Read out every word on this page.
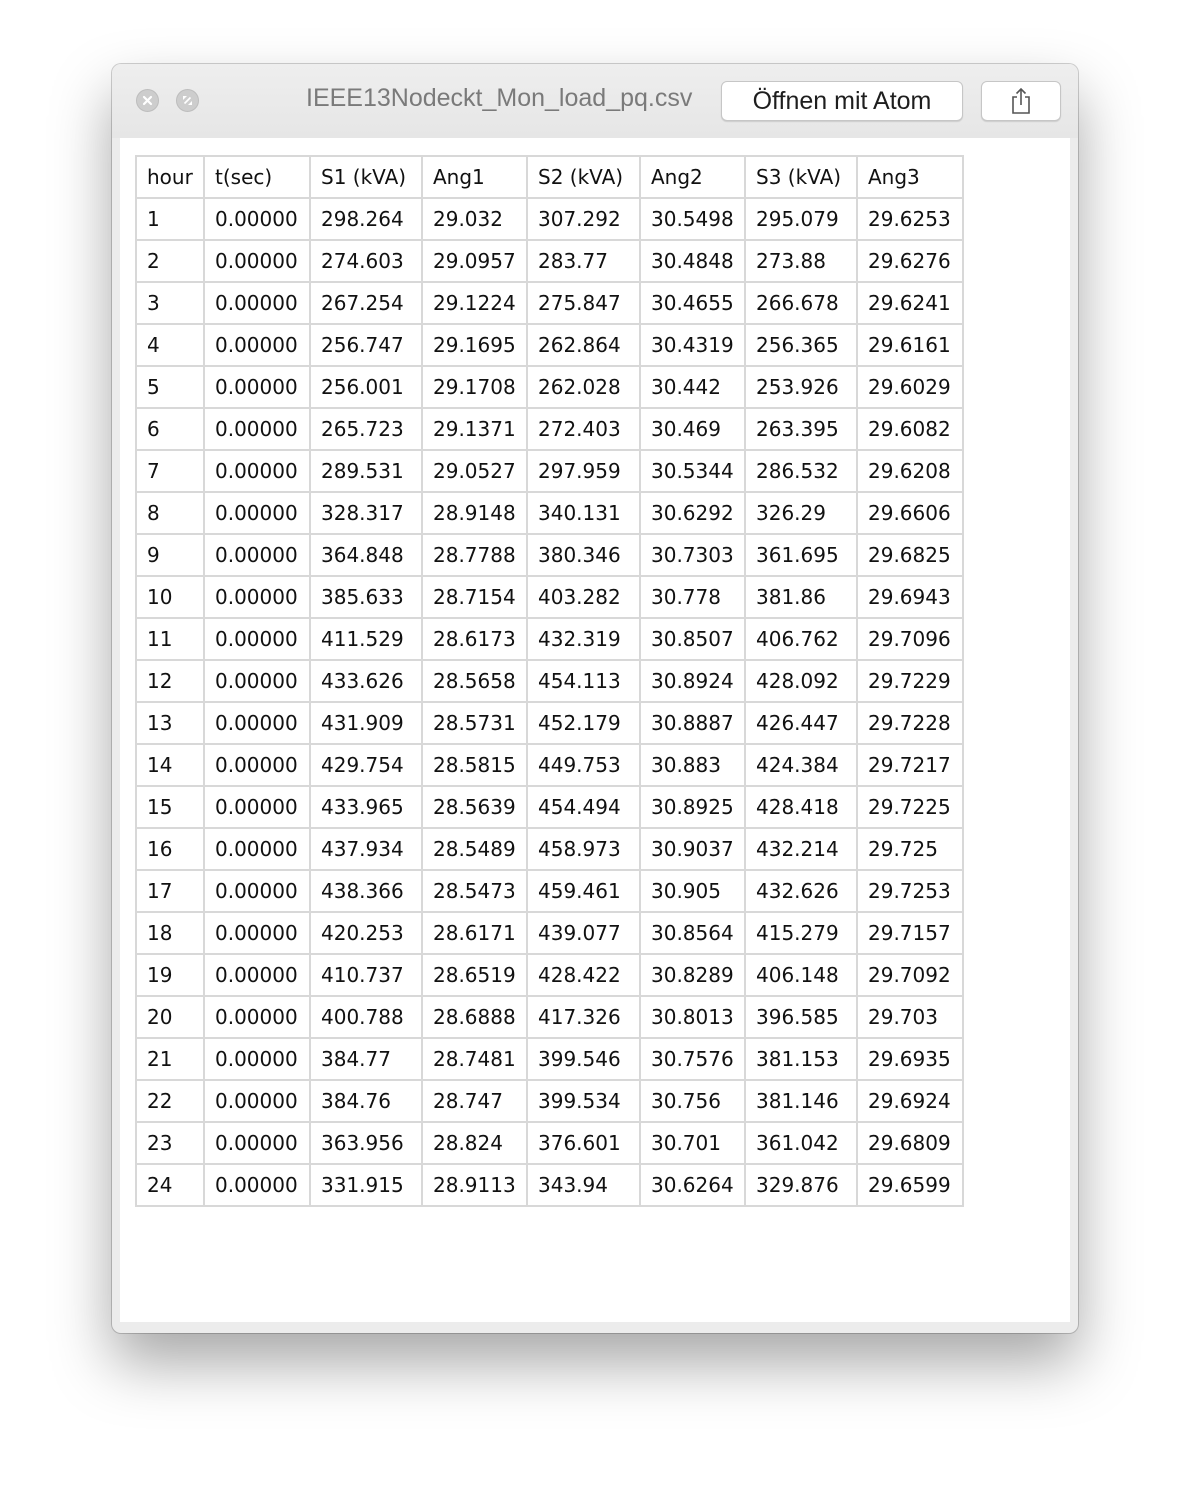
IEEE13Nodeckt_Mon_load_pq.csv	Öffnen mit Atom
hour	t(sec)	S1 (kVA)	Ang1	S2 (kVA)	Ang2	S3 (kVA)	Ang3
1	0.00000	298.264	29.032	307.292	30.5498	295.079	29.6253
2	0.00000	274.603	29.0957	283.77	30.4848	273.88	29.6276
3	0.00000	267.254	29.1224	275.847	30.4655	266.678	29.6241
4	0.00000	256.747	29.1695	262.864	30.4319	256.365	29.6161
5	0.00000	256.001	29.1708	262.028	30.442	253.926	29.6029
6	0.00000	265.723	29.1371	272.403	30.469	263.395	29.6082
7	0.00000	289.531	29.0527	297.959	30.5344	286.532	29.6208
8	0.00000	328.317	28.9148	340.131	30.6292	326.29	29.6606
9	0.00000	364.848	28.7788	380.346	30.7303	361.695	29.6825
10	0.00000	385.633	28.7154	403.282	30.778	381.86	29.6943
11	0.00000	411.529	28.6173	432.319	30.8507	406.762	29.7096
12	0.00000	433.626	28.5658	454.113	30.8924	428.092	29.7229
13	0.00000	431.909	28.5731	452.179	30.8887	426.447	29.7228
14	0.00000	429.754	28.5815	449.753	30.883	424.384	29.7217
15	0.00000	433.965	28.5639	454.494	30.8925	428.418	29.7225
16	0.00000	437.934	28.5489	458.973	30.9037	432.214	29.725
17	0.00000	438.366	28.5473	459.461	30.905	432.626	29.7253
18	0.00000	420.253	28.6171	439.077	30.8564	415.279	29.7157
19	0.00000	410.737	28.6519	428.422	30.8289	406.148	29.7092
20	0.00000	400.788	28.6888	417.326	30.8013	396.585	29.703
21	0.00000	384.77	28.7481	399.546	30.7576	381.153	29.6935
22	0.00000	384.76	28.747	399.534	30.756	381.146	29.6924
23	0.00000	363.956	28.824	376.601	30.701	361.042	29.6809
24	0.00000	331.915	28.9113	343.94	30.6264	329.876	29.6599
